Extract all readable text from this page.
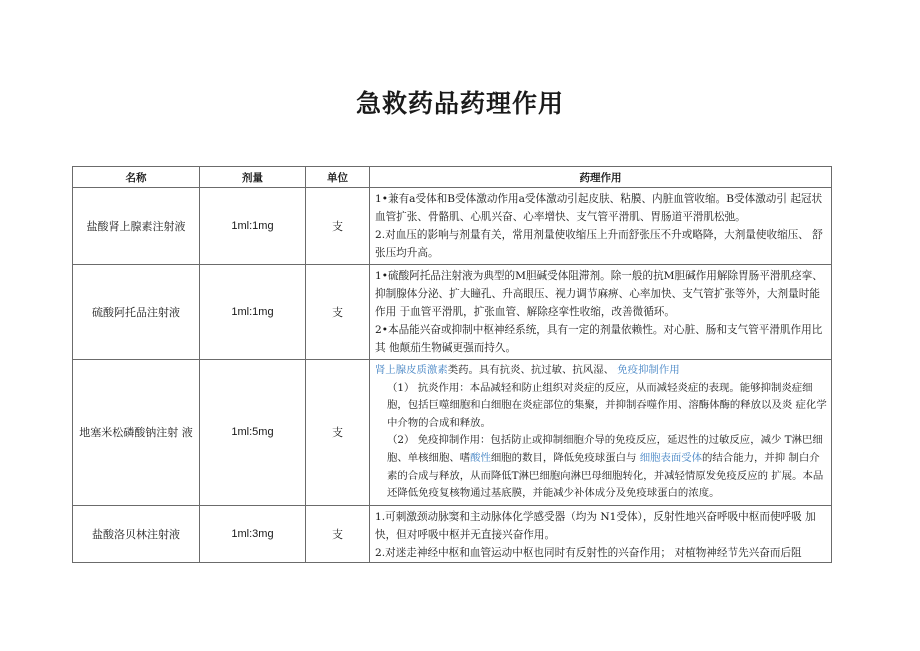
急救药品药理作用
名称	剂量	单位	药理作用
盐酸肾上腺素注射液	1ml:1mg	支	1•兼有a受体和B受体激动作用a受体激动引起皮肤、粘膜、内脏血管收缩。B受体激动引 起冠状血管扩张、骨骼肌、心肌兴奋、心率增快、支气管平滑肌、胃肠道平滑肌松弛。

2.对血压的影响与剂量有关，常用剂量使收缩压上升而舒张压不升或略降，大剂量使收缩压、 舒张压均升高。

硫酸阿托品注射液	1ml:1mg	支	1•硫酸阿托品注射液为典型的M胆碱受体阻滞剂。除一般的抗M胆碱作用解除胃肠平滑肌痉挛、抑制腺体分泌、扩大瞳孔、升高眼压、视力调节麻痹、心率加快、支气管扩张等外，大剂量时能作用 于血管平滑肌，扩张血管、解除痉挛性收缩，改善微循环。

2•本品能兴奋或抑制中枢神经系统，具有一定的剂量依赖性。对心脏、肠和支气管平滑肌作用比其 他颠茄生物碱更强而持久。

地塞米松磷酸钠注射 液	1ml:5mg	支	肾上腺皮质激素类药。具有抗炎、抗过敏、抗风湿、 免疫抑制作用

（1） 抗炎作用：本品减轻和防止组织对炎症的反应，从而减轻炎症的表现。能够抑制炎症细胞，包括巨噬细胞和白细胞在炎症部位的集聚，并抑制吞噬作用、溶酶体酶的释放以及炎 症化学中介物的合成和释放。

（2） 免疫抑制作用：包括防止或抑制细胞介导的免疫反应，延迟性的过敏反应，减少 T淋巴细胞、单核细胞、嗜酸性细胞的数目，降低免疫球蛋白与 细胞表面受体的结合能力，并抑 制白介素的合成与释放，从而降低T淋巴细胞向淋巴母细胞转化，并减轻情原发免疫反应的 扩展。本品还降低免疫复核物通过基底膜，并能减少补体成分及免疫球蛋白的浓度。

盐酸洛贝林注射液	1ml:3mg	支	1.可刺激颈动脉窦和主动脉体化学感受器（均为 N1受体），反射性地兴奋呼吸中枢而使呼吸 加快，但对呼吸中枢并无直接兴奋作用。

2.对迷走神经中枢和血管运动中枢也同时有反射性的兴奋作用； 对植物神经节先兴奋而后阻
